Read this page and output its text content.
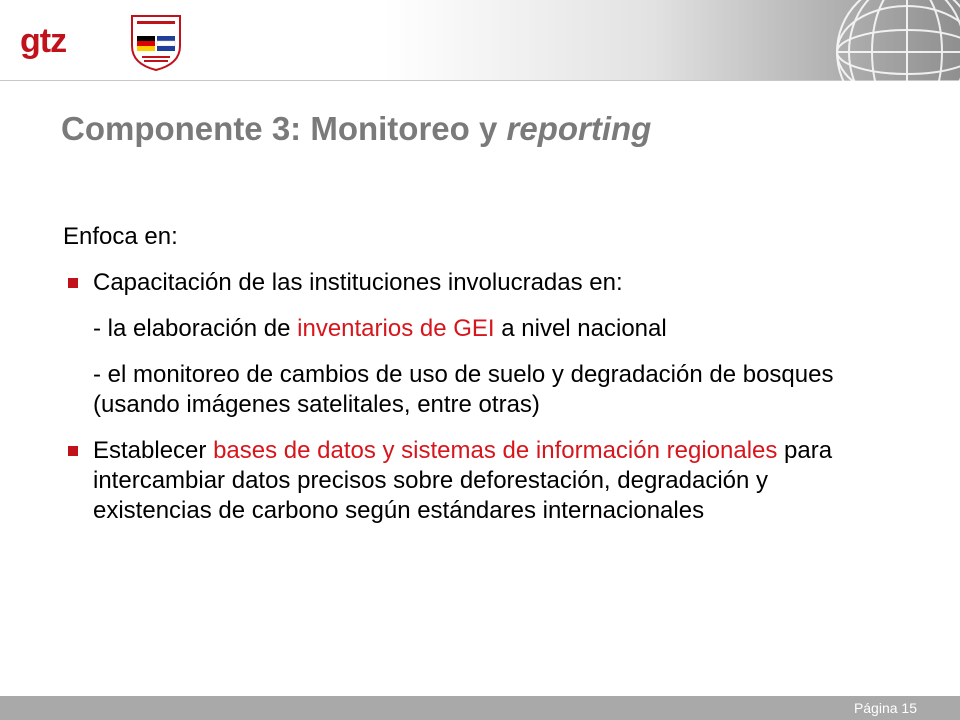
gtz
Componente 3: Monitoreo y reporting

Enfoca en:

Capacitación de las instituciones involucradas en:

- la elaboración de inventarios de GEI a nivel nacional

- el monitoreo de cambios de uso de suelo y degradación de bosques (usando imágenes satelitales, entre otras)

Establecer bases de datos y sistemas de información regionales para intercambiar datos precisos sobre deforestación, degradación y existencias de carbono según estándares internacionales

Página 15
